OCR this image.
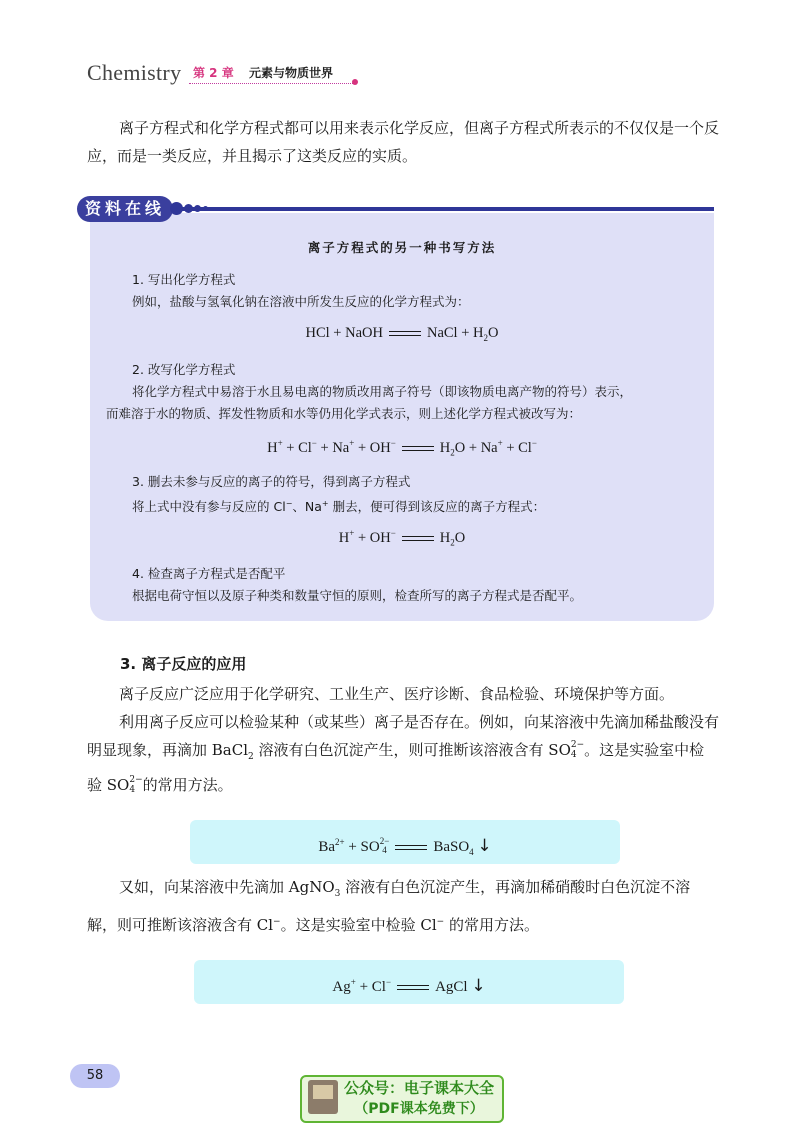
Chemistry 第 2 章 元素与物质世界

离子方程式和化学方程式都可以用来表示化学反应，但离子方程式所表示的不仅仅是一个反应，而是一类反应，并且揭示了这类反应的实质。

资料在线
离子方程式的另一种书写方法
1. 写出化学方程式
例如，盐酸与氢氧化钠在溶液中所发生反应的化学方程式为：
HCl + NaOH	NaCl + $H_2O$
2. 改写化学方程式
将化学方程式中易溶于水且易电离的物质改用离子符号（即该物质电离产物的符号）表示，
而难溶于水的物质、挥发性物质和水等仍用化学式表示，则上述化学方程式被改写为：
H+ + Cl− + Na+ + OH−	$H_2O + Na^+ + Cl^-$
3. 删去未参与反应的离子的符号，得到离子方程式
将上式中没有参与反应的 Cl−、Na+ 删去，便可得到该反应的离子方程式：
H+ + OH−	$H_2O$
4. 检查离子方程式是否配平
根据电荷守恒以及原子种类和数量守恒的原则，检查所写的离子方程式是否配平。
3. 离子反应的应用

离子反应广泛应用于化学研究、工业生产、医疗诊断、食品检验、环境保护等方面。

利用离子反应可以检验某种（或某些）离子是否存在。例如，向某溶液中先滴加稀盐酸没有明显现象，再滴加 BaCl$_2$ 溶液有白色沉淀产生，则可推断该溶液含有 SO 2−
4 。这是实验室中检验 SO 2−
4 的常用方法。

$Ba^{2+}$ + SO 2−
4	BaSO$_4$ ↓

又如，向某溶液中先滴加 AgNO$_3$ 溶液有白色沉淀产生，再滴加稀硝酸时白色沉淀不溶解，则可推断该溶液含有 Cl−。这是实验室中检验 Cl− 的常用方法。

Ag+ + Cl−	AgCl ↓
58
公众号：电子课本大全
（PDF课本免费下）
